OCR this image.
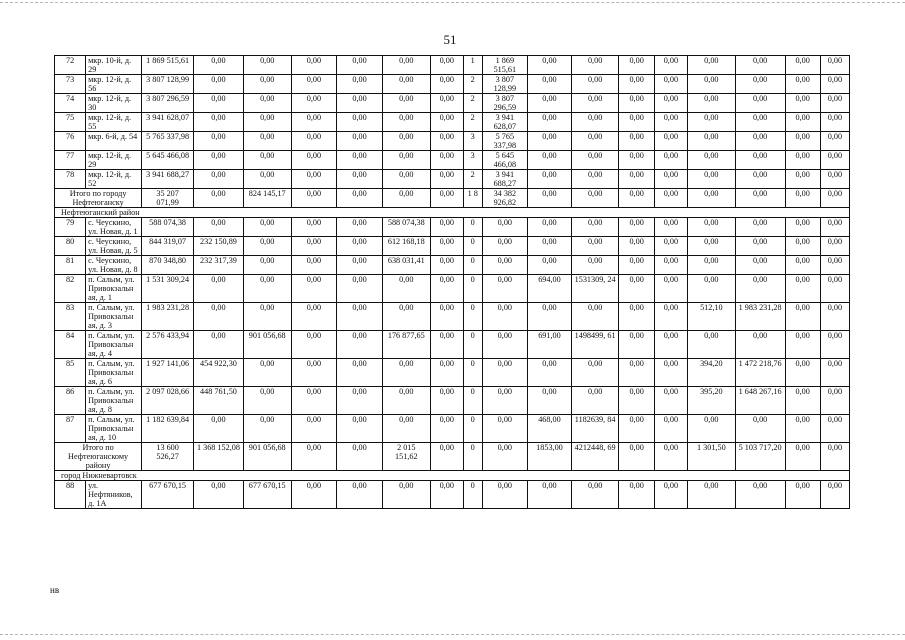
51
72	мкр. 10-й, д. 29	1 869 515,61	0,00	0,00	0,00	0,00	0,00	0,00	1	1 869 515,61	0,00	0,00	0,00	0,00	0,00	0,00	0,00	0,00
73	мкр. 12-й, д. 56	3 807 128,99	0,00	0,00	0,00	0,00	0,00	0,00	2	3 807 128,99	0,00	0,00	0,00	0,00	0,00	0,00	0,00	0,00
74	мкр. 12-й, д. 30	3 807 296,59	0,00	0,00	0,00	0,00	0,00	0,00	2	3 807 296,59	0,00	0,00	0,00	0,00	0,00	0,00	0,00	0,00
75	мкр. 12-й, д. 55	3 941 628,07	0,00	0,00	0,00	0,00	0,00	0,00	2	3 941 628,07	0,00	0,00	0,00	0,00	0,00	0,00	0,00	0,00
76	мкр. 6-й, д. 54	5 765 337,98	0,00	0,00	0,00	0,00	0,00	0,00	3	5 765 337,98	0,00	0,00	0,00	0,00	0,00	0,00	0,00	0,00
77	мкр. 12-й, д. 29	5 645 466,08	0,00	0,00	0,00	0,00	0,00	0,00	3	5 645 466,08	0,00	0,00	0,00	0,00	0,00	0,00	0,00	0,00
78	мкр. 12-й, д. 52	3 941 688,27	0,00	0,00	0,00	0,00	0,00	0,00	2	3 941 688,27	0,00	0,00	0,00	0,00	0,00	0,00	0,00	0,00
Итого по городу Нефтеюганску		35 207 071,99	0,00	824 145,17	0,00	0,00	0,00	0,00	1 8	34 382 926,82	0,00	0,00	0,00	0,00	0,00	0,00	0,00	0,00
Нефтеюганский район																		
79	с. Чеускино, ул. Новая, д. 1	588 074,38	0,00	0,00	0,00	0,00	588 074,38	0,00	0	0,00	0,00	0,00	0,00	0,00	0,00	0,00	0,00	0,00
80	с. Чеускино, ул. Новая, д. 5	844 319,07	232 150,89	0,00	0,00	0,00	612 168,18	0,00	0	0,00	0,00	0,00	0,00	0,00	0,00	0,00	0,00	0,00
81	с. Чеускино, ул. Новая, д. 8	870 348,80	232 317,39	0,00	0,00	0,00	638 031,41	0,00	0	0,00	0,00	0,00	0,00	0,00	0,00	0,00	0,00	0,00
82	п. Салым, ул. Привокзальн ая, д. 1	1 531 309,24	0,00	0,00	0,00	0,00	0,00	0,00	0	0,00	694,00	1531309, 24	0,00	0,00	0,00	0,00	0,00	0,00
83	п. Салым, ул. Привокзальн ая, д. 3	1 983 231,28	0,00	0,00	0,00	0,00	0,00	0,00	0	0,00	0,00	0,00	0,00	0,00	512,10	1 983 231,28	0,00	0,00
84	п. Салым, ул. Привокзальн ая, д. 4	2 576 433,94	0,00	901 056,68	0,00	0,00	176 877,65	0,00	0	0,00	691,00	1498499, 61	0,00	0,00	0,00	0,00	0,00	0,00
85	п. Салым, ул. Привокзальн ая, д. 6	1 927 141,06	454 922,30	0,00	0,00	0,00	0,00	0,00	0	0,00	0,00	0,00	0,00	0,00	394,20	1 472 218,76	0,00	0,00
86	п. Салым, ул. Привокзальн ая, д. 8	2 097 028,66	448 761,50	0,00	0,00	0,00	0,00	0,00	0	0,00	0,00	0,00	0,00	0,00	395,20	1 648 267,16	0,00	0,00
87	п. Салым, ул. Привокзальн ая, д. 10	1 182 639,84	0,00	0,00	0,00	0,00	0,00	0,00	0	0,00	468,00	1182639, 84	0,00	0,00	0,00	0,00	0,00	0,00
Итого по Нефтеюганскому району		13 600 526,27	1 368 152,08	901 056,68	0,00	0,00	2 015 151,62	0,00	0	0,00	1853,00	4212448, 69	0,00	0,00	1 301,50	5 103 717,20	0,00	0,00
город Нижневартовск																		
88	ул. Нефтяников, д. 1А	677 670,15	0,00	677 670,15	0,00	0,00	0,00	0,00	0	0,00	0,00	0,00	0,00	0,00	0,00	0,00	0,00	0,00
нв
